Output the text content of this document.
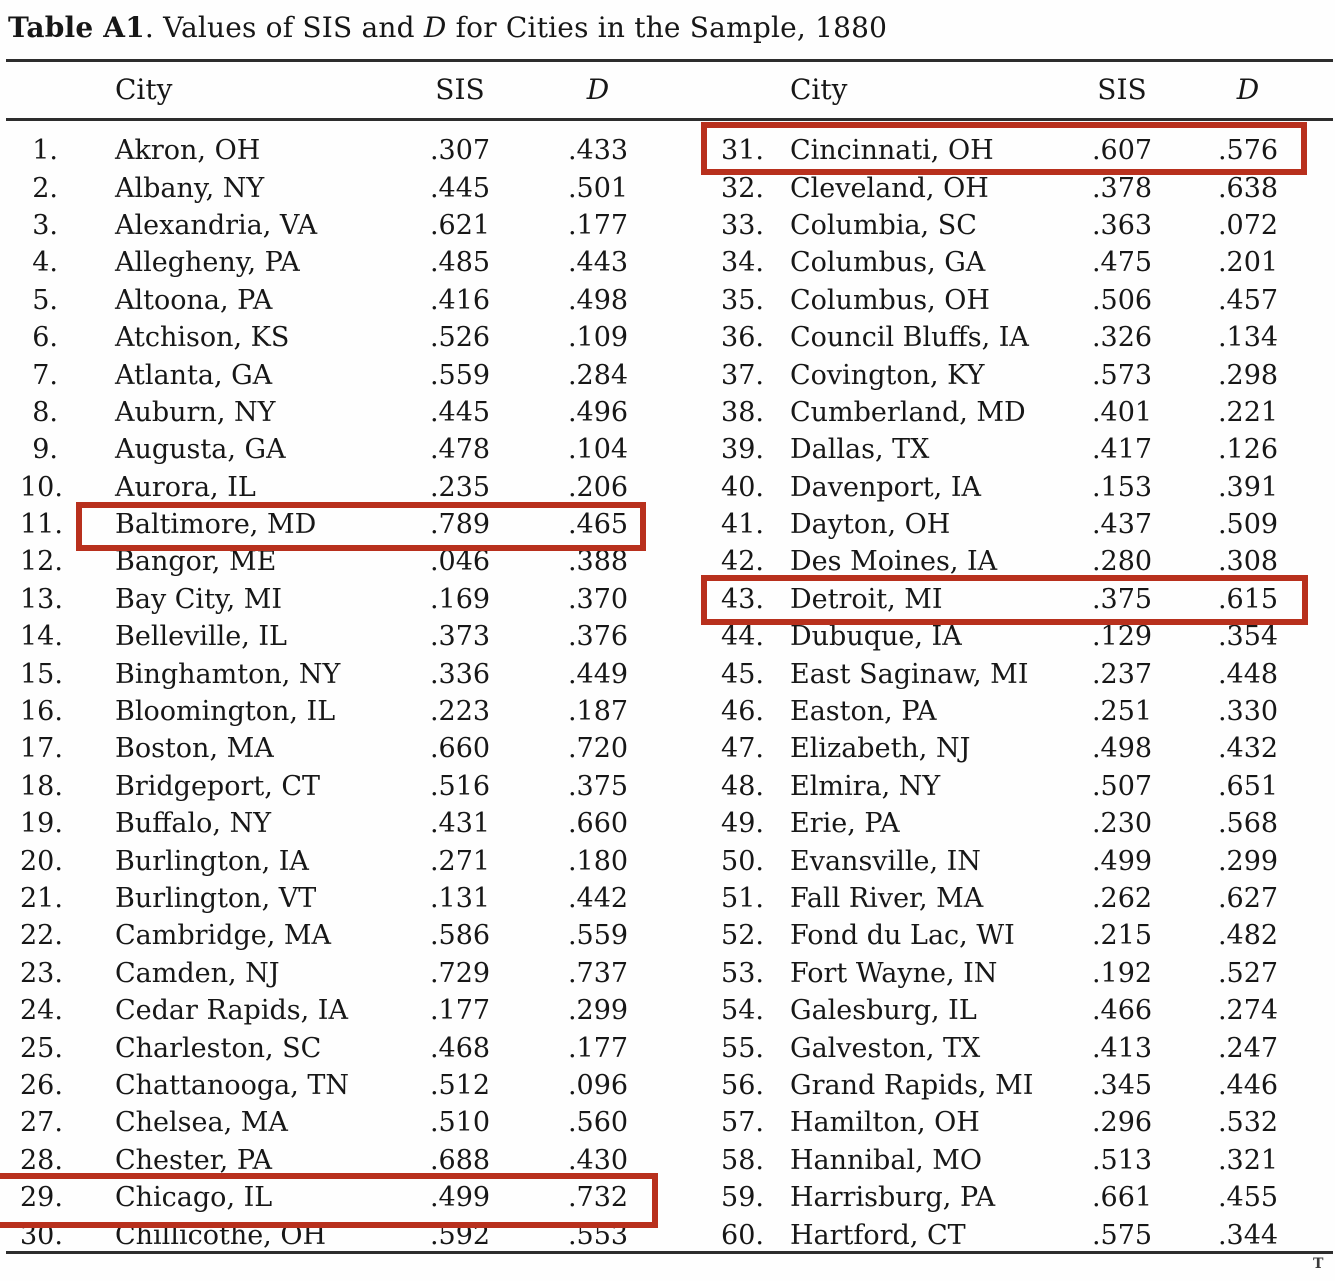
Table A1. Values of SIS and D for Cities in the Sample, 1880
City	SIS	D
1.	Akron, OH	.307	.433
2.	Albany, NY	.445	.501
3.	Alexandria, VA	.621	.177
4.	Allegheny, PA	.485	.443
5.	Altoona, PA	.416	.498
6.	Atchison, KS	.526	.109
7.	Atlanta, GA	.559	.284
8.	Auburn, NY	.445	.496
9.	Augusta, GA	.478	.104
10.	Aurora, IL	.235	.206
11.	Baltimore, MD	.789	.465
12.	Bangor, ME	.046	.388
13.	Bay City, MI	.169	.370
14.	Belleville, IL	.373	.376
15.	Binghamton, NY	.336	.449
16.	Bloomington, IL	.223	.187
17.	Boston, MA	.660	.720
18.	Bridgeport, CT	.516	.375
19.	Buffalo, NY	.431	.660
20.	Burlington, IA	.271	.180
21.	Burlington, VT	.131	.442
22.	Cambridge, MA	.586	.559
23.	Camden, NJ	.729	.737
24.	Cedar Rapids, IA	.177	.299
25.	Charleston, SC	.468	.177
26.	Chattanooga, TN	.512	.096
27.	Chelsea, MA	.510	.560
28.	Chester, PA	.688	.430
29.	Chicago, IL	.499	.732
30.	Chillicothe, OH	.592	.553
City	SIS	D
31. Cincinnati, OH	.607	.576
32. Cleveland, OH	.378	.638
33. Columbia, SC	.363	.072
34. Columbus, GA	.475	.201
35. Columbus, OH	.506	.457
36. Council Bluffs, IA	.326	.134
37. Covington, KY	.573	.298
38. Cumberland, MD	.401	.221
39. Dallas, TX	.417	.126
40. Davenport, IA	.153	.391
41. Dayton, OH	.437	.509
42. Des Moines, IA	.280	.308
43. Detroit, MI	.375	.615
44. Dubuque, IA	.129	.354
45. East Saginaw, MI	.237	.448
46. Easton, PA	.251	.330
47. Elizabeth, NJ	.498	.432
48. Elmira, NY	.507	.651
49. Erie, PA	.230	.568
50. Evansville, IN	.499	.299
51. Fall River, MA	.262	.627
52. Fond du Lac, WI	.215	.482
53. Fort Wayne, IN	.192	.527
54. Galesburg, IL	.466	.274
55. Galveston, TX	.413	.247
56. Grand Rapids, MI	.345	.446
57. Hamilton, OH	.296	.532
58. Hannibal, MO	.513	.321
59. Harrisburg, PA	.661	.455
60. Hartford, CT	.575	.344
T
